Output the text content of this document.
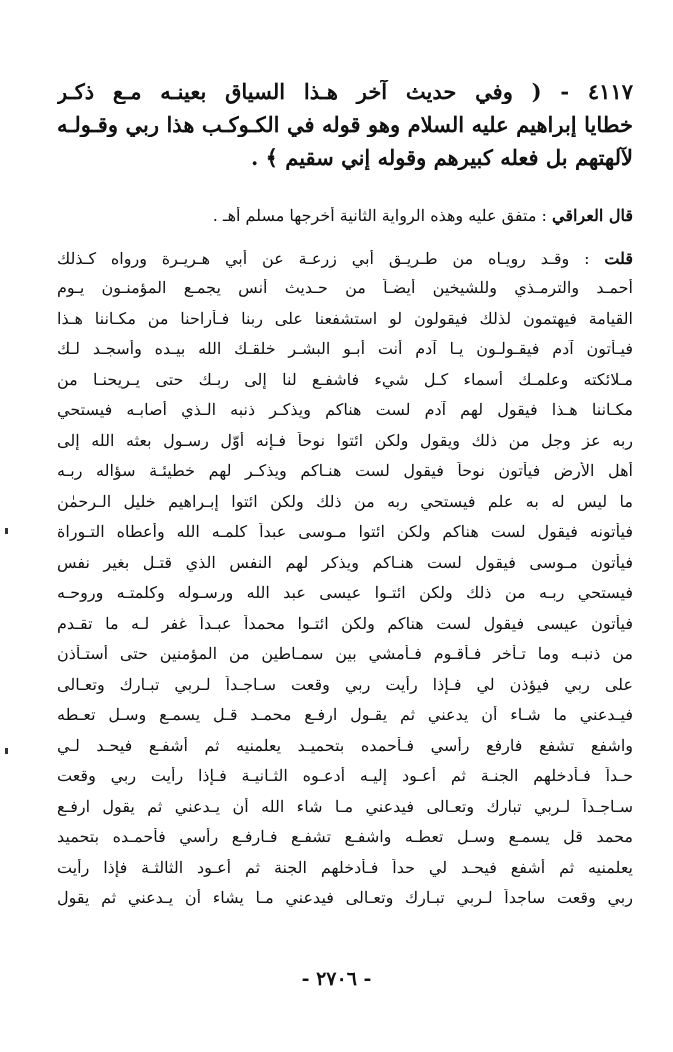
٤١١٧ - ( وفي حديث آخر هـذا السياق بعينـه مـع ذكـر
خطايا إبراهيم عليه السلام وهو قوله في الكـوكـب هذا ربي وقـولـه
لآلهتهم بل فعله كبيرهم وقوله إني سقيم ﴾ .
قال العراقي : متفق عليه وهذه الرواية الثانية أخرجها مسلم أهـ .
قلت : وقـد رويـاه من طـريـق أبي زرعـة عن أبي هـريـرة ورواه كـذلك
أحمـد والترمـذي وللشيخين أيضـاً من حـديث أنس يجمـع المؤمنـون يـوم
القيامة فيهتمون لذلك فيقولون لو استشفعنا على ربنا فـأراحنا من مكـاننا هـذا
فيـأتون آدم فيقـولـون يـا آدم أنت أبـو البشـر خلقـك الله بيـده وأسجـد لـك
مـلائكته وعلمـك أسماء كـل شيء فاشفـع لنا إلى ربـك حتى يـريحنـا من
مكـاننا هـذا فيقول لهم آدم لست هناكم ويذكـر ذنبه الـذي أصابـه فيستحي
ربه عز وجل من ذلك ويقول ولكن ائتوا نوحاً فـإنه أوّل رسـول بعثه الله إلى
أهل الأرض فيأتون نوحاً فيقول لست هنـاكم ويذكـر لهم خطيئـة سؤاله ربـه
ما ليس له به علم فيستحي ربه من ذلك ولكن ائتوا إبـراهيم خليل الـرحمٰن
فيأتونه فيقول لست هناكم ولكن ائتوا مـوسى عبداً كلمـه الله وأعطاه التـوراة
فيأتون مـوسى فيقول لست هنـاكم ويذكر لهم النفس الذي قتـل بغير نفس
فيستحي ربـه من ذلك ولكن ائتـوا عيسى عبد الله ورسـوله وكلمتـه وروحـه
فيأتون عيسى فيقول لست هناكم ولكن ائتـوا محمداً عبـداً غفر لـه ما تقـدم
من ذنبـه وما تـأخر فـأقـوم فـأمشي بين سمـاطين من المؤمنين حتى أستـأذن
على ربي فيؤذن لي فـإذا رأيت ربي وقعت سـاجـداً لـربي تبـارك وتعـالى
فيـدعني ما شـاء أن يدعني ثم يقـول ارفـع محمـد قـل يسمـع وسـل تعـطه
واشفع تشفع فارفع رأسي فـأحمده بتحميـد يعلمنيه ثم أشفـع فيحـد لـي
حـداً فـأدخلهم الجنـة ثم أعـود إليـه أدعـوه الثـانيـة فـإذا رأيت ربي وقعت
سـاجـداً لـربي تبارك وتعـالى فيدعني مـا شاء الله أن يـدعني ثم يقول ارفـع
محمد قل يسمـع وسـل تعطـه واشفـع تشفـع فـارفـع رأسي فأحمـده بتحميد
يعلمنيه ثم أشفع فيحـد لي حداً فـأدخلهم الجنة ثم أعـود الثالثـة فإذا رأيت
ربي وقعت ساجداً لـربي تبـارك وتعـالى فيدعني مـا يشاء أن يـدعني ثم يقول
- ٢٧٠٦ -
